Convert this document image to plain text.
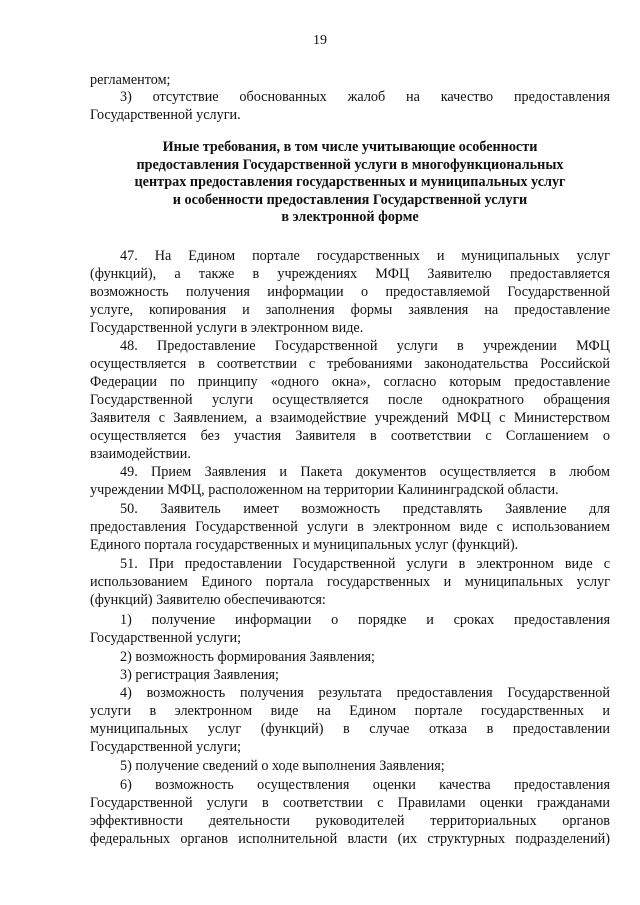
19
регламентом;
3) отсутствие обоснованных жалоб на качество предоставления
Государственной услуги.
Иные требования, в том числе учитывающие особенности
предоставления Государственной услуги в многофункциональных
центрах предоставления государственных и муниципальных услуг
и особенности предоставления Государственной услуги
в электронной форме
47. На Едином портале государственных и муниципальных услуг
(функций), а также в учреждениях МФЦ Заявителю предоставляется
возможность получения информации о предоставляемой Государственной
услуге, копирования и заполнения формы заявления на предоставление
Государственной услуги в электронном виде.
48. Предоставление Государственной услуги в учреждении МФЦ
осуществляется в соответствии с требованиями законодательства Российской
Федерации по принципу «одного окна», согласно которым предоставление
Государственной услуги осуществляется после однократного обращения
Заявителя с Заявлением, а взаимодействие учреждений МФЦ с Министерством
осуществляется без участия Заявителя в соответствии с Соглашением о
взаимодействии.
49. Прием Заявления и Пакета документов осуществляется в любом
учреждении МФЦ, расположенном на территории Калининградской области.
50. Заявитель имеет возможность представлять Заявление для
предоставления Государственной услуги в электронном виде с использованием
Единого портала государственных и муниципальных услуг (функций).
51. При предоставлении Государственной услуги в электронном виде с
использованием Единого портала государственных и муниципальных услуг
(функций) Заявителю обеспечиваются:
1) получение информации о порядке и сроках предоставления
Государственной услуги;
2) возможность формирования Заявления;
3) регистрация Заявления;
4) возможность получения результата предоставления Государственной
услуги в электронном виде на Едином портале государственных и
муниципальных услуг (функций) в случае отказа в предоставлении
Государственной услуги;
5) получение сведений о ходе выполнения Заявления;
6) возможность осуществления оценки качества предоставления
Государственной услуги в соответствии с Правилами оценки гражданами
эффективности деятельности руководителей территориальных органов
федеральных органов исполнительной власти (их структурных подразделений)
